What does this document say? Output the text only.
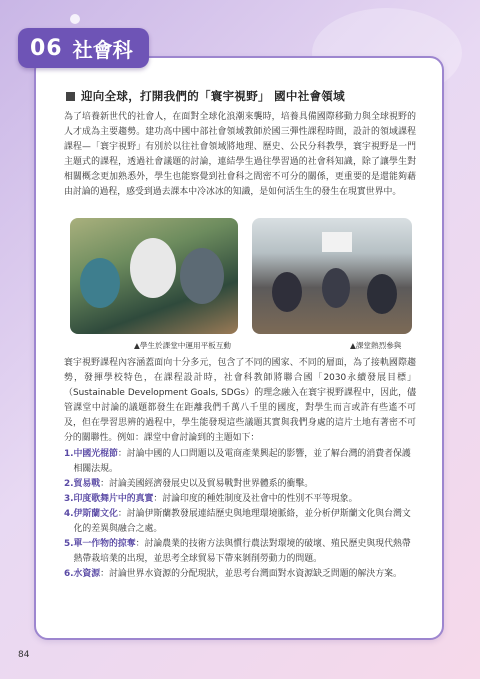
06 社會科
迎向全球，打開我們的「寰宇視野」 國中社會領域
為了培養新世代的社會人，在面對全球化浪潮來襲時，培養具備國際移動力與全球視野的人才成為主要趨勢。建功高中國中部社會領域教師於國三彈性課程時間，設計的領域課程課程—「寰宇視野」有別於以往社會領域將地理、歷史、公民分科教學，寰宇視野是一門主題式的課程，透過社會議題的討論，連結學生過往學習過的社會科知識，除了讓學生對相關概念更加熟悉外，學生也能察覺到社會科之間密不可分的關係，更重要的是還能夠藉由討論的過程，感受到過去課本中冷冰冰的知識，是如何活生生的發生在現實世界中。
▲學生於課堂中運用平板互動	▲課堂熱烈參與
寰宇視野課程內容涵蓋面向十分多元，包含了不同的國家、不同的層面，為了接軌國際趨勢，發揮學校特色，在課程設計時，社會科教師將聯合國「2030永續發展目標」（Sustainable Development Goals, SDGs）的理念融入在寰宇視野課程中，因此，儘管課堂中討論的議題都發生在距離我們千萬八千里的國度，對學生而言或許有些遙不可及，但在學習思辨的過程中，學生能發現這些議題其實與我們身處的這片土地有著密不可分的關聯性。例如：課堂中會討論到的主題如下：
1. 中國光棍節：討論中國的人口問題以及電商產業興起的影響，並了解台灣的消費者保護相關法規。
2. 貿易戰：討論美國經濟發展史以及貿易戰對世界體系的衝擊。
3. 印度歌舞片中的真實：討論印度的種姓制度及社會中的性別不平等現象。
4. 伊斯蘭文化：討論伊斯蘭教發展連結歷史與地理環境脈絡，並分析伊斯蘭文化與台灣文化的差異與融合之處。
5. 單一作物的掠奪：討論農業的技術方法與慣行農法對環境的破壞、殖民歷史與現代熱帶熱帶栽培業的出現，並思考全球貿易下帶來剝削勞動力的問題。
6. 水資源：討論世界水資源的分配現狀，並思考台灣面對水資源缺乏問題的解決方案。
84
